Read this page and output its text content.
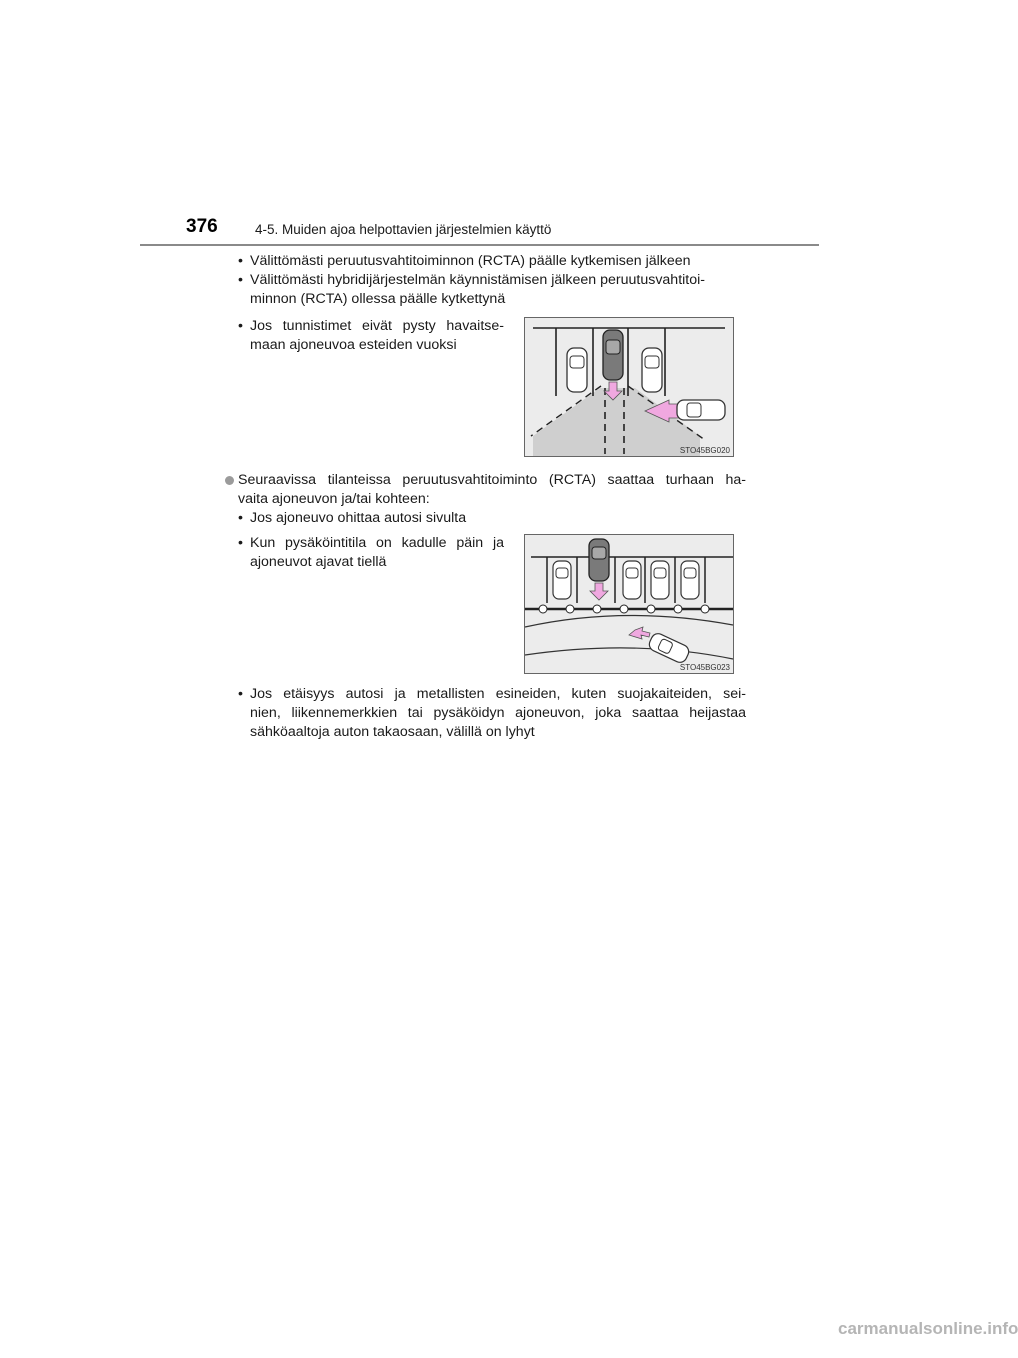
376	4-5. Muiden ajoa helpottavien järjestelmien käyttö
• Välittömästi peruutusvahtitoiminnon (RCTA) päälle kytkemisen jälkeen
• Välittömästi hybridijärjestelmän käynnistämisen jälkeen peruutusvahtitoi-
minnon (RCTA) ollessa päälle kytkettynä
• Jos tunnistimet eivät pysty havaitse-
maan ajoneuvoa esteiden vuoksi
STO45BG020
Seuraavissa tilanteissa peruutusvahtitoiminto (RCTA) saattaa turhaan ha-
vaita ajoneuvon ja/tai kohteen:
• Jos ajoneuvo ohittaa autosi sivulta
• Kun pysäköintitila on kadulle päin ja
ajoneuvot ajavat tiellä
STO45BG023
• Jos etäisyys autosi ja metallisten esineiden, kuten suojakaiteiden, sei-
nien, liikennemerkkien tai pysäköidyn ajoneuvon, joka saattaa heijastaa
sähköaaltoja auton takaosaan, välillä on lyhyt
carmanualsonline.info
